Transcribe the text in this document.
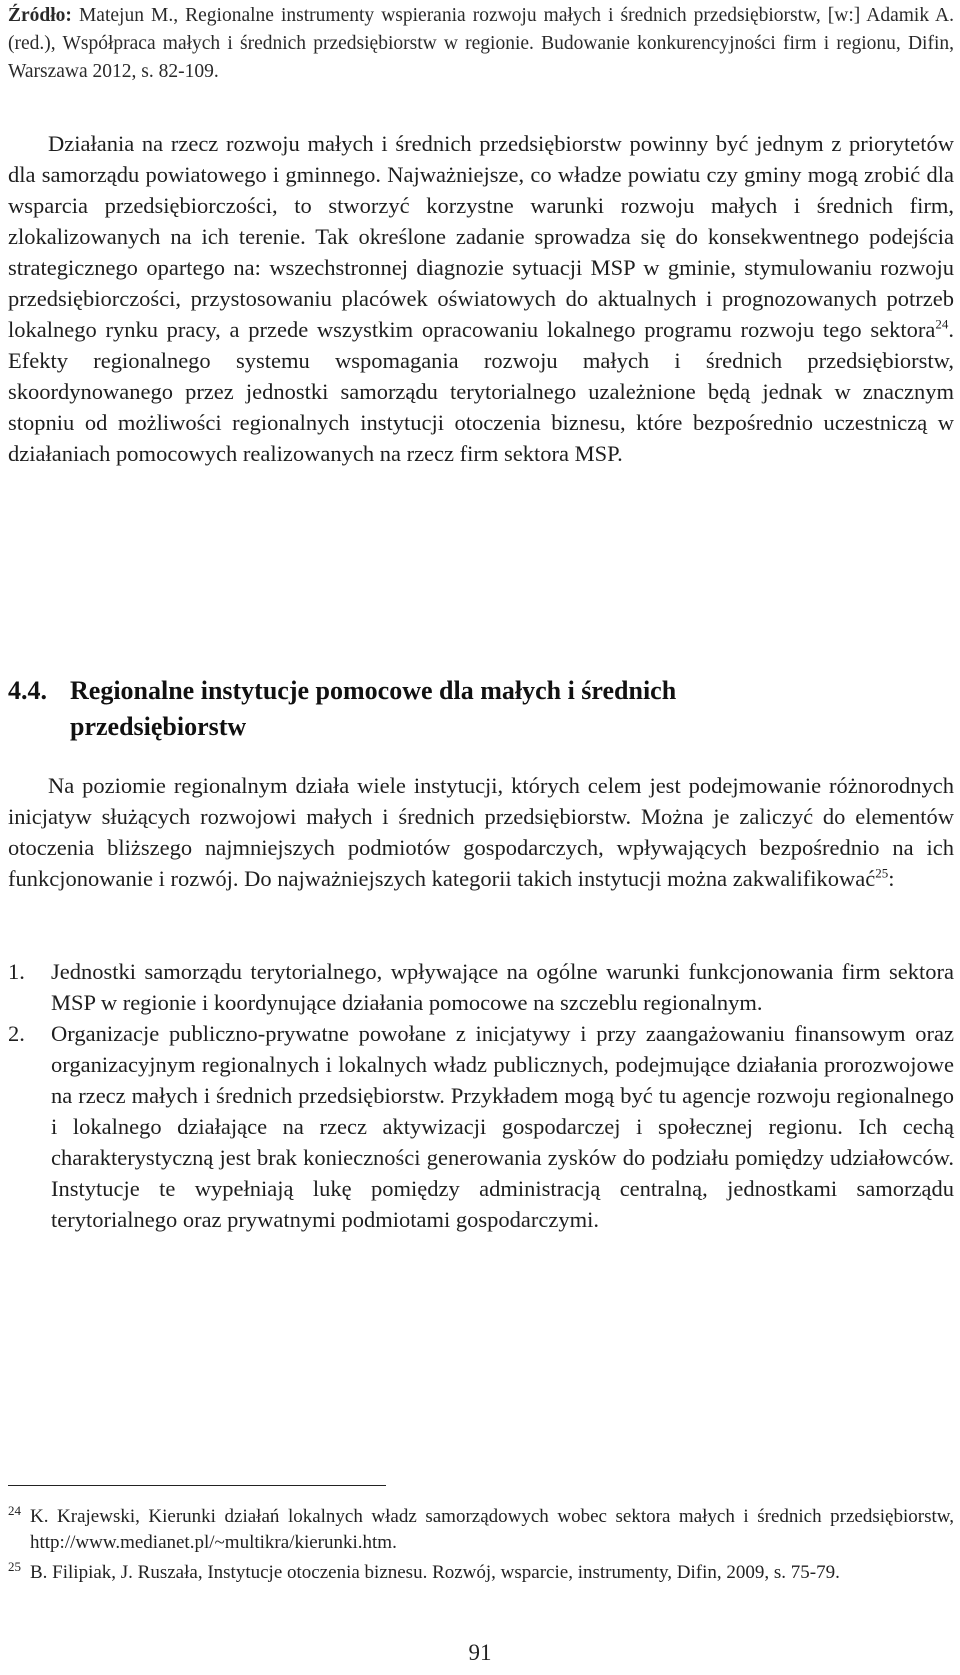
Źródło: Matejun M., Regionalne instrumenty wspierania rozwoju małych i średnich przedsiębiorstw, [w:] Adamik A. (red.), Współpraca małych i średnich przedsiębiorstw w regionie. Budowanie konkurencyjności firm i regionu, Difin, Warszawa 2012, s. 82-109.
Działania na rzecz rozwoju małych i średnich przedsiębiorstw powinny być jednym z priorytetów dla samorządu powiatowego i gminnego. Najważniejsze, co władze powiatu czy gminy mogą zrobić dla wsparcia przedsiębiorczości, to stworzyć korzystne warunki rozwoju małych i średnich firm, zlokalizowanych na ich terenie. Tak określone zadanie sprowadza się do konsekwentnego podejścia strategicznego opartego na: wszechstronnej diagnozie sytuacji MSP w gminie, stymulowaniu rozwoju przedsiębiorczości, przystosowaniu placówek oświatowych do aktualnych i prognozowanych potrzeb lokalnego rynku pracy, a przede wszystkim opracowaniu lokalnego programu rozwoju tego sektora$^{24}$. Efekty regionalnego systemu wspomagania rozwoju małych i średnich przedsiębiorstw, skoordynowanego przez jednostki samorządu terytorialnego uzależnione będą jednak w znacznym stopniu od możliwości regionalnych instytucji otoczenia biznesu, które bezpośrednio uczestniczą w działaniach pomocowych realizowanych na rzecz firm sektora MSP.
4.4. Regionalne instytucje pomocowe dla małych i średnich
przedsiębiorstw
Na poziomie regionalnym działa wiele instytucji, których celem jest podejmowanie różnorodnych inicjatyw służących rozwojowi małych i średnich przedsiębiorstw. Można je zaliczyć do elementów otoczenia bliższego najmniejszych podmiotów gospodarczych, wpływających bezpośrednio na ich funkcjonowanie i rozwój. Do najważniejszych kategorii takich instytucji można zakwalifikować$^{25}$:
1.	Jednostki samorządu terytorialnego, wpływające na ogólne warunki funkcjonowania firm sektora MSP w regionie i koordynujące działania pomocowe na szczeblu regionalnym.
2.	Organizacje publiczno-prywatne powołane z inicjatywy i przy zaangażowaniu finansowym oraz organizacyjnym regionalnych i lokalnych władz publicznych, podejmujące działania prorozwojowe na rzecz małych i średnich przedsiębiorstw. Przykładem mogą być tu agencje rozwoju regionalnego i lokalnego działające na rzecz aktywizacji gospodarczej i społecznej regionu. Ich cechą charakterystyczną jest brak konieczności generowania zysków do podziału pomiędzy udziałowców. Instytucje te wypełniają lukę pomiędzy administracją centralną, jednostkami samorządu terytorialnego oraz prywatnymi podmiotami gospodarczymi.
24 K. Krajewski, Kierunki działań lokalnych władz samorządowych wobec sektora małych i średnich przedsiębiorstw, http://www.medianet.pl/~multikra/kierunki.htm.
25 B. Filipiak, J. Ruszała, Instytucje otoczenia biznesu. Rozwój, wsparcie, instrumenty, Difin, 2009, s. 75-79.
91
